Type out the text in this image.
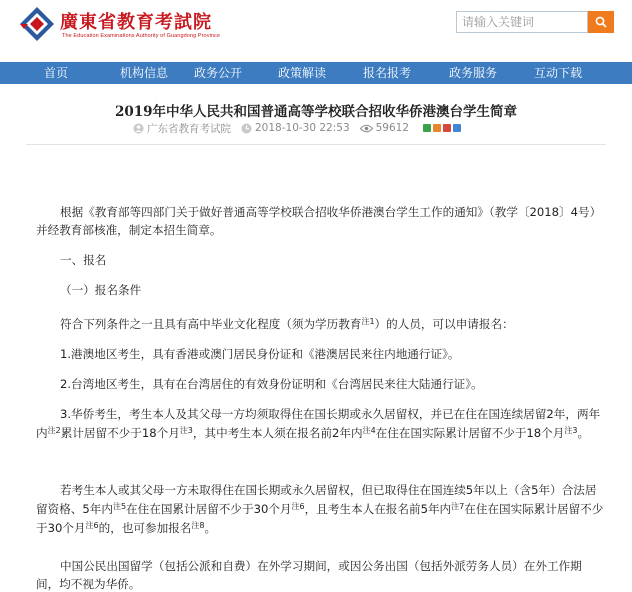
廣東省教育考試院
The Education Examinations Authority of Guangdong Province
请输入关键词
首页	机构信息	政务公开	政策解读	报名报考	政务服务	互动下载
2019年中华人民共和国普通高等学校联合招收华侨港澳台学生简章
广东省教育考试院 2018-10-30 22:53 59612

根据《教育部等四部门关于做好普通高等学校联合招收华侨港澳台学生工作的通知》（教学〔2018〕4号）并经教育部核准，制定本招生简章。

一、报名

（一）报名条件

符合下列条件之一且具有高中毕业文化程度（须为学历教育$^{注1}$）的人员，可以申请报名：

1.港澳地区考生，具有香港或澳门居民身份证和《港澳居民来往内地通行证》。

2.台湾地区考生，具有在台湾居住的有效身份证明和《台湾居民来往大陆通行证》。

3.华侨考生，考生本人及其父母一方均须取得住在国长期或永久居留权，并已在住在国连续居留2年，两年内$^{注2}$累计居留不少于18个月$^{注3}$，其中考生本人须在报名前2年内$^{注4}$在住在国实际累计居留不少于18个月$^{注3}$。

若考生本人或其父母一方未取得住在国长期或永久居留权，但已取得住在国连续5年以上（含5年）合法居留资格、5年内$^{注5}$在住在国累计居留不少于30个月$^{注6}$，且考生本人在报名前5年内$^{注7}$在住在国实际累计居留不少于30个月$^{注6}$的，也可参加报名$^{注8}$。

中国公民出国留学（包括公派和自费）在外学习期间，或因公务出国（包括外派劳务人员）在外工作期间，均不视为华侨。
